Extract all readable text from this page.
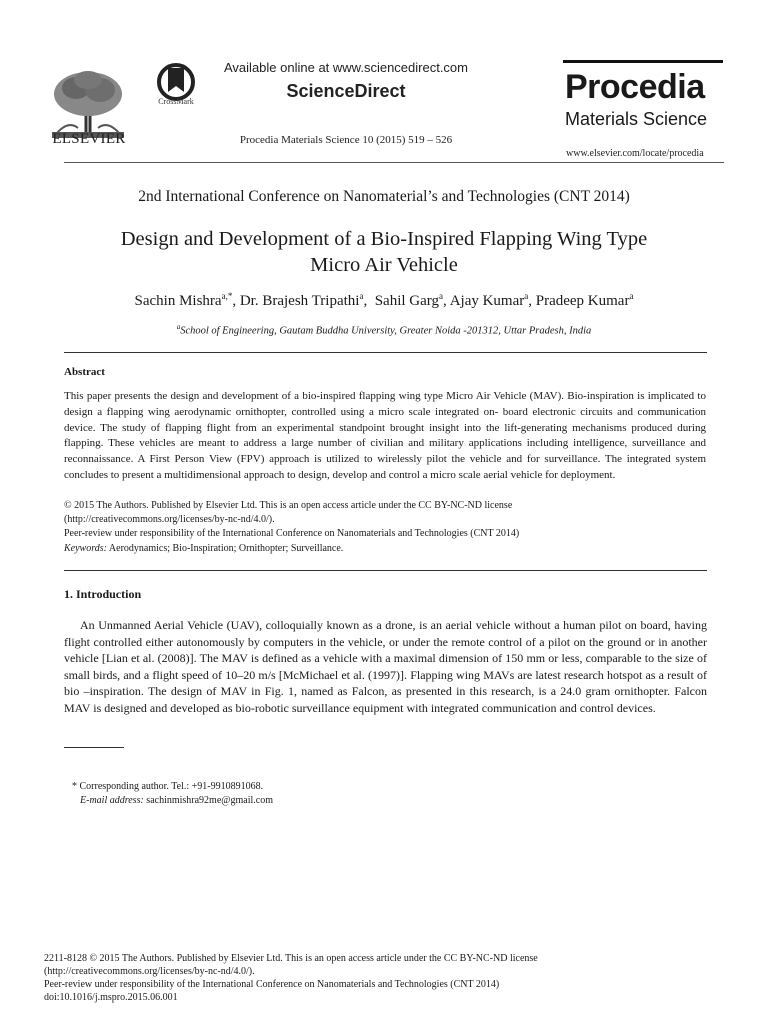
ELSEVIER
CrossMark
Available online at www.sciencedirect.com
ScienceDirect
Procedia Materials Science 10 (2015) 519 – 526
Procedia
Materials Science
www.elsevier.com/locate/procedia
2nd International Conference on Nanomaterial’s and Technologies (CNT 2014)
Design and Development of a Bio-Inspired Flapping Wing Type
Micro Air Vehicle
Sachin Mishra$^{a,*}$, Dr. Brajesh Tripathi$^a$,  Sahil Garg$^a$, Ajay Kumar$^a$, Pradeep Kumar$^a$
$^a$School of Engineering, Gautam Buddha University, Greater Noida -201312, Uttar Pradesh, India
Abstract
This paper presents the design and development of a bio-inspired flapping wing type Micro Air Vehicle (MAV). Bio-inspiration is implicated to design a flapping wing aerodynamic ornithopter, controlled using a micro scale integrated on- board electronic circuits and communication device. The study of flapping flight from an experimental standpoint brought insight into the lift-generating mechanisms produced during flapping. These vehicles are meant to address a large number of civilian and military applications including intelligence, surveillance and reconnaissance. A First Person View (FPV) approach is utilized to wirelessly pilot the vehicle and for surveillance. The integrated system concludes to present a multidimensional approach to design, develop and control a micro scale aerial vehicle for deployment.
© 2015 The Authors. Published by Elsevier Ltd. This is an open access article under the CC BY-NC-ND license
(http://creativecommons.org/licenses/by-nc-nd/4.0/).
Peer-review under responsibility of the International Conference on Nanomaterials and Technologies (CNT 2014)
Keywords: Aerodynamics; Bio-Inspiration; Ornithopter; Surveillance.
1. Introduction
An Unmanned Aerial Vehicle (UAV), colloquially known as a drone, is an aerial vehicle without a human pilot on board, having flight controlled either autonomously by computers in the vehicle, or under the remote control of a pilot on the ground or in another vehicle [Lian et al. (2008)]. The MAV is defined as a vehicle with a maximal dimension of 150 mm or less, comparable to the size of small birds, and a flight speed of 10–20 m/s [McMichael et al. (1997)]. Flapping wing MAVs are latest research hotspot as a result of bio –inspiration. The design of MAV in Fig. 1, named as Falcon, as presented in this research, is a 24.0 gram ornithopter. Falcon MAV is designed and developed as bio-robotic surveillance equipment with integrated communication and control devices.
* Corresponding author. Tel.: +91-9910891068.
E-mail address: sachinmishra92me@gmail.com
2211-8128 © 2015 The Authors. Published by Elsevier Ltd. This is an open access article under the CC BY-NC-ND license
(http://creativecommons.org/licenses/by-nc-nd/4.0/).
Peer-review under responsibility of the International Conference on Nanomaterials and Technologies (CNT 2014)
doi:10.1016/j.mspro.2015.06.001
